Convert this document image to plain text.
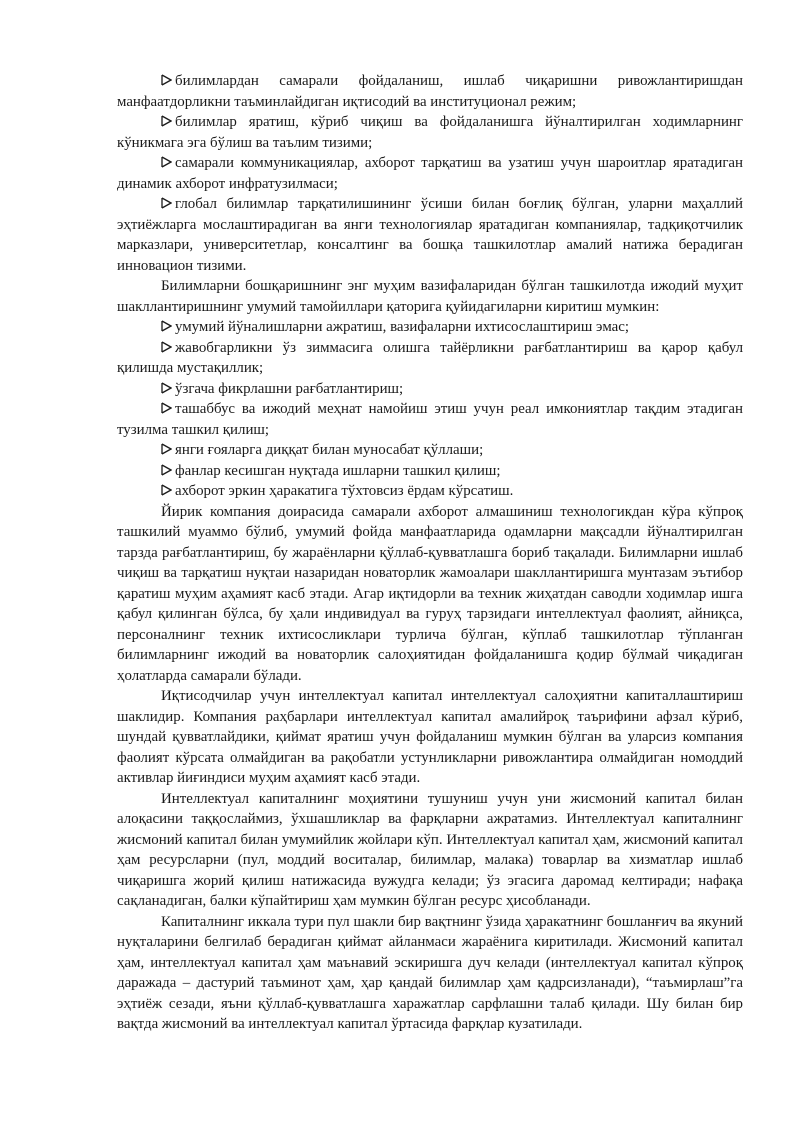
билимлардан самарали фойдаланиш, ишлаб чиқаришни ривожлантиришдан манфаатдорликни таъминлайдиган иқтисодий ва институционал режим;

билимлар яратиш, кўриб чиқиш ва фойдаланишга йўналтирилган ходимларнинг кўникмага эга бўлиш ва таълим тизими;

самарали коммуникациялар, ахборот тарқатиш ва узатиш учун шароитлар яратадиган динамик ахборот инфратузилмаси;

глобал билимлар тарқатилишининг ўсиши билан боғлиқ бўлган, уларни маҳаллий эҳтиёжларга мослаштирадиган ва янги технологиялар яратадиган компаниялар, тадқиқотчилик марказлари, университетлар, консалтинг ва бошқа ташкилотлар амалий натижа берадиган инновацион тизими.

Билимларни бошқаришнинг энг муҳим вазифаларидан бўлган ташкилотда ижодий муҳит шакллантиришнинг умумий тамойиллари қаторига қуйидагиларни киритиш мумкин:

умумий йўналишларни ажратиш, вазифаларни ихтисослаштириш эмас;

жавобгарликни ўз зиммасига олишга тайёрликни рағбатлантириш ва қарор қабул қилишда мустақиллик;

ўзгача фикрлашни рағбатлантириш;

ташаббус ва ижодий меҳнат намойиш этиш учун реал имкониятлар тақдим этадиган тузилма ташкил қилиш;

янги ғояларга диққат билан муносабат қўллаши;

фанлар кесишган нуқтада ишларни ташкил қилиш;

ахборот эркин ҳаракатига тўхтовсиз ёрдам кўрсатиш.

Йирик компания доирасида самарали ахборот алмашиниш технологикдан кўра кўпроқ ташкилий муаммо бўлиб, умумий фойда манфаатларида одамларни мақсадли йўналтирилган тарзда рағбатлантириш, бу жараёнларни қўллаб-қувватлашга бориб тақалади. Билимларни ишлаб чиқиш ва тарқатиш нуқтаи назаридан новаторлик жамоалари шакллантиришга мунтазам эътибор қаратиш муҳим аҳамият касб этади. Агар иқтидорли ва техник жиҳатдан саводли ходимлар ишга қабул қилинган бўлса, бу ҳали индивидуал ва гуруҳ тарзидаги интеллектуал фаолият, айниқса, персоналнинг техник ихтисосликлари турлича бўлган, кўплаб ташкилотлар тўпланган билимларнинг ижодий ва новаторлик салоҳиятидан фойдаланишга қодир бўлмай чиқадиган ҳолатларда самарали бўлади.

Иқтисодчилар учун интеллектуал капитал интеллектуал салоҳиятни капиталлаштириш шаклидир. Компания раҳбарлари интеллектуал капитал амалийроқ таърифини афзал кўриб, шундай қувватлайдики, қиймат яратиш учун фойдаланиш мумкин бўлган ва уларсиз компания фаолият кўрсата олмайдиган ва рақобатли устунликларни ривожлантира олмайдиган номоддий активлар йиғиндиси муҳим аҳамият касб этади.

Интеллектуал капиталнинг моҳиятини тушуниш учун уни жисмоний капитал билан алоқасини таққослаймиз, ўхшашликлар ва фарқларни ажратамиз. Интеллектуал капиталнинг жисмоний капитал билан умумийлик жойлари кўп. Интеллектуал капитал ҳам, жисмоний капитал ҳам ресурсларни (пул, моддий воситалар, билимлар, малака) товарлар ва хизматлар ишлаб чиқаришга жорий қилиш натижасида вужудга келади; ўз эгасига даромад келтиради; нафақа сақланадиган, балки кўпайтириш ҳам мумкин бўлган ресурс ҳисобланади.

Капиталнинг иккала тури пул шакли бир вақтнинг ўзида ҳаракатнинг бошланғич ва якуний нуқталарини белгилаб берадиган қиймат айланмаси жараёнига киритилади. Жисмоний капитал ҳам, интеллектуал капитал ҳам маънавий эскиришга дуч келади (интеллектуал капитал кўпроқ даражада – дастурий таъминот ҳам, ҳар қандай билимлар ҳам қадрсизланади), “таъмирлаш”га эҳтиёж сезади, яъни қўллаб-қувватлашга харажатлар сарфлашни талаб қилади. Шу билан бир вақтда жисмоний ва интеллектуал капитал ўртасида фарқлар кузатилади.
